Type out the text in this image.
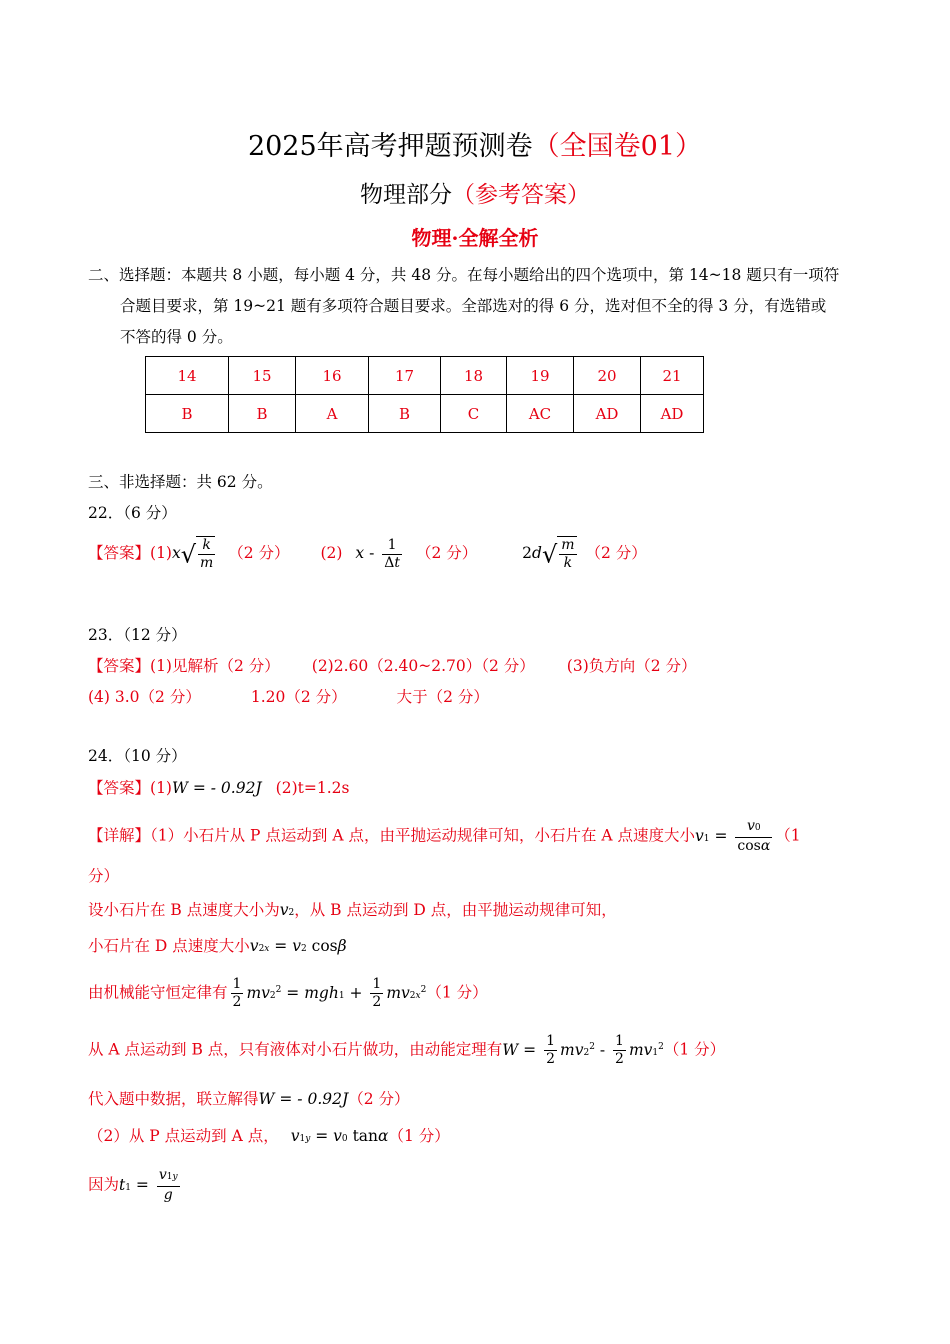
2025年高考押题预测卷（全国卷01）
物理部分（参考答案）
物理·全解全析
二、选择题：本题共 8 小题，每小题 4 分，共 48 分。在每小题给出的四个选项中，第 14~18 题只有一项符
合题目要求，第 19~21 题有多项符合题目要求。全部选对的得 6 分，选对但不全的得 3 分，有选错或
不答的得 0 分。
14	15	16	17	18	19	20	21
B	B	A	B	C	AC	AD	AD
三、非选择题：共 62 分。
22．（6 分）
【答案】$(1)x√ \frac{k}{m} (2$ 分） (2) x - $\frac{1}{\Delta t} (2$ 分）	$2d√ \frac{m}{k} (2$ 分）
23．（12 分）
【答案】(1)见解析（2 分） (2)2.60（2.40~2.70）（2 分） (3)负方向（2 分）
(4) 3.0（2 分）	1.20（2 分）	大于（2 分）
24．（10 分）
【答案】(1)W = - 0.92J (2)t=1.2s
【详解】（1）小石片从 P 点运动到 A 点，由平抛运动规律可知，小石片在 A 点速度大小$v1 = \frac{v0}{\cos\alpha} (1$
分）
设小石片在 B 点速度大小为v2，从 B 点运动到 D 点，由平抛运动规律可知，
小石片在 D 点速度大小v2x = v2 cosβ
由机械能守恒定律有 $\frac{1}{2} mv2^2 = mgh1 + \frac{1}{2} mv2x^2(1$ 分）
从 A 点运动到 B 点，只有液体对小石片做功，由动能定理有$W = \frac{1}{2} mv2^2 - \frac{1}{2} mv1^2(1$ 分）
代入题中数据，联立解得W = - 0.92J（2 分）
（2）从 P 点运动到 A 点， v1y = v0 tanα（1 分）
因为$t1 = \frac{v1y}{g}$
